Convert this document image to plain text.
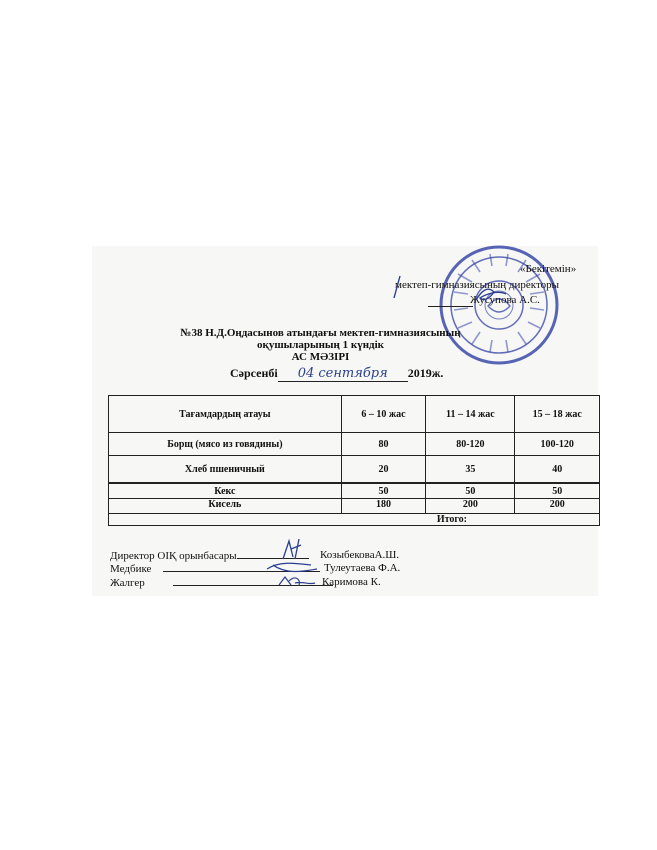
«Бекітемін»
мектеп-гимназиясының директоры
Жусупова А.С.
№38 Н.Д.Оңдасынов атындағы мектеп-гимназиясының
оқушыларының 1 күндік
АС МӘЗІРІ
Сәрсенбі 04 сентября 2019ж.
Тағамдардың атауы	6 – 10 жас	11 – 14 жас	15 – 18 жас
Борщ (мясо из говядины)	80	80-120	100-120
Хлеб пшеничный	20	35	40
Кекс	50	50	50
Кисель	180	200	200
Итого:			
Директор ОІҚ орынбасары	КозыбековаА.Ш.
Медбике	Тулеутаева Ф.А.
Жалгер	Каримова К.
